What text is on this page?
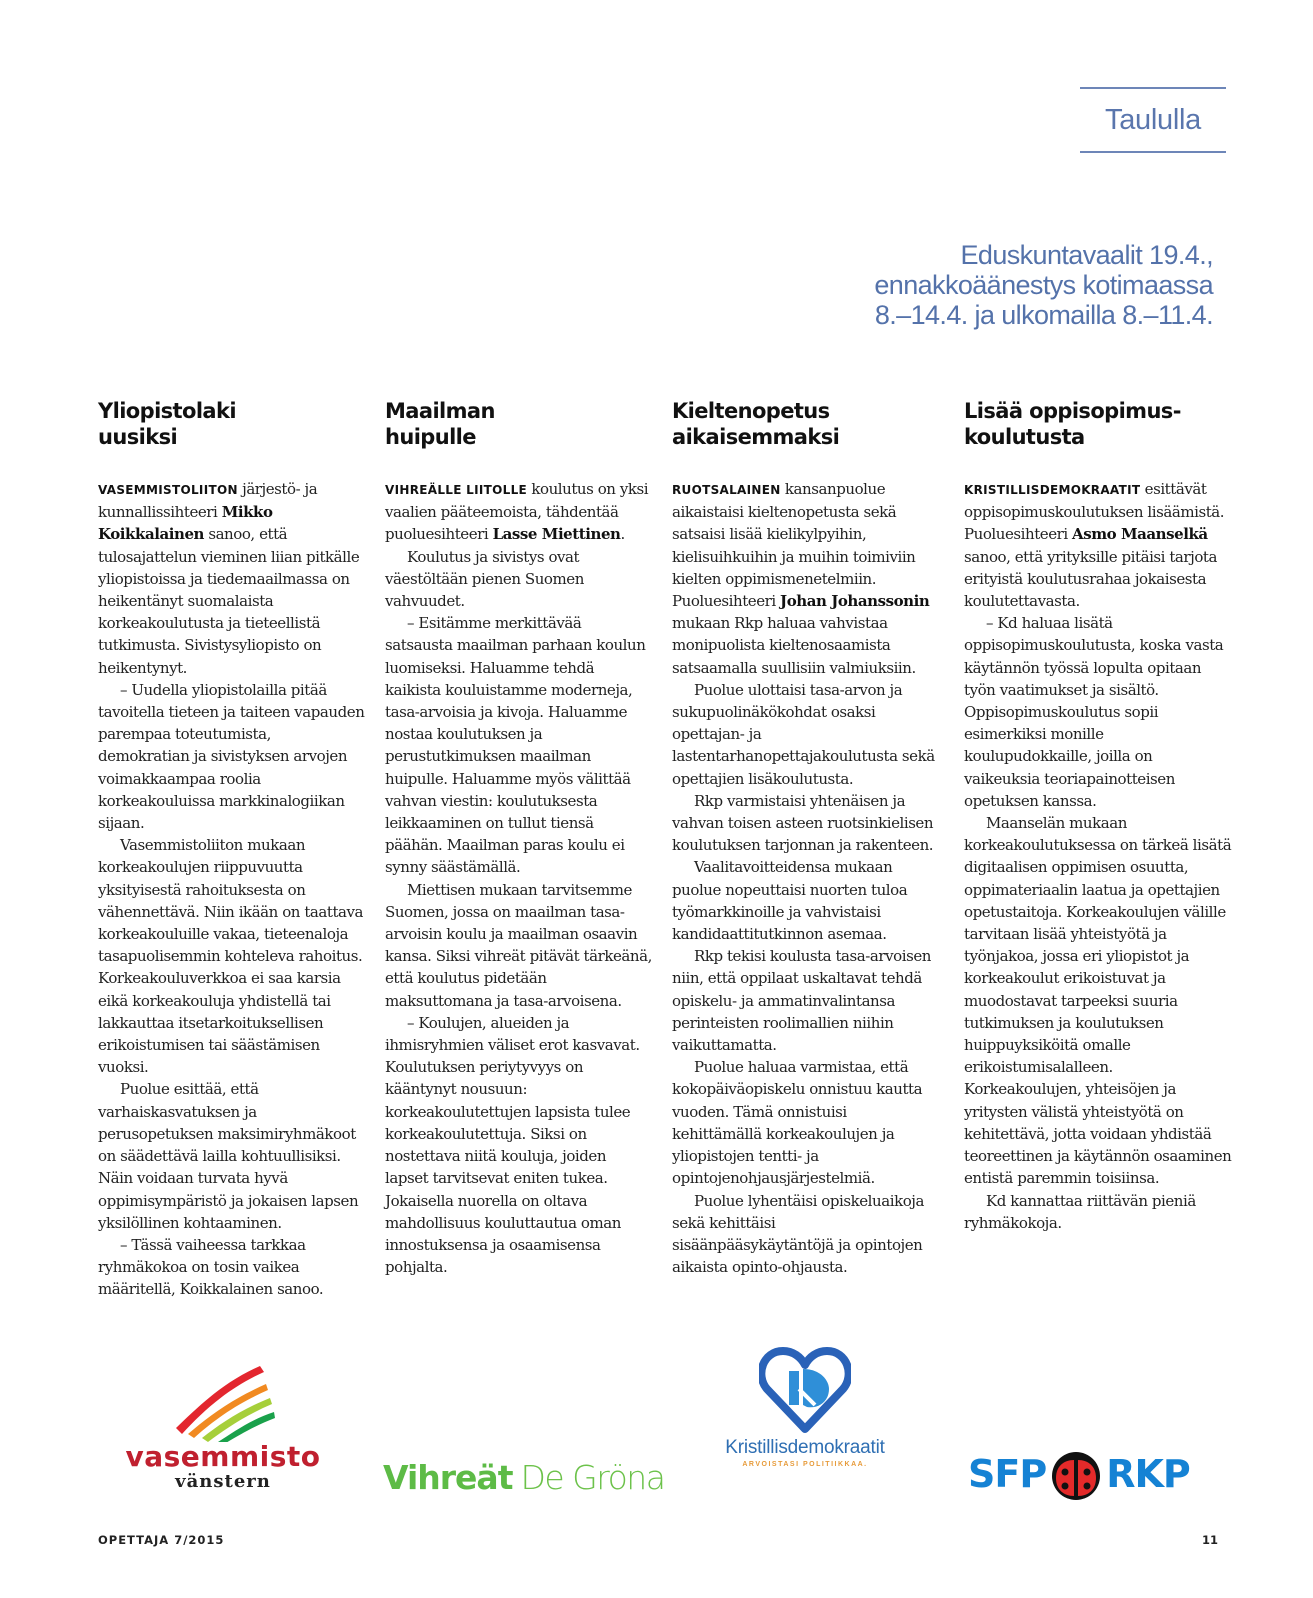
Taululla
Eduskuntavaalit 19.4.,
ennakkoäänestys kotimaassa
8.–14.4. ja ulkomailla 8.–11.4.
Yliopistolaki
uusiksi

VASEMMISTOLIITON järjestö- ja kunnallissihteeri Mikko Koikkalainen sanoo, että tulosajattelun vieminen liian pitkälle yliopistoissa ja tiedemaailmassa on heikentänyt suomalaista korkeakoulutusta ja tieteellistä tutkimusta. Sivistysyliopisto on heikentynyt.

– Uudella yliopistolailla pitää tavoitella tieteen ja taiteen vapauden parempaa toteutumista, demokratian ja sivistyksen arvojen voimakkaampaa roolia korkeakouluissa markkinalogiikan sijaan.

Vasemmistoliiton mukaan korkeakoulujen riippuvuutta yksityisestä rahoituksesta on vähennettävä. Niin ikään on taattava korkeakouluille vakaa, tieteenaloja tasapuolisemmin kohteleva rahoitus. Korkeakouluverkkoa ei saa karsia eikä korkeakouluja yhdistellä tai lakkauttaa itsetarkoituksellisen erikoistumisen tai säästämisen vuoksi.

Puolue esittää, että varhaiskasvatuksen ja perusopetuksen maksimiryhmäkoot on säädettävä lailla kohtuullisiksi. Näin voidaan turvata hyvä oppimisympäristö ja jokaisen lapsen yksilöllinen kohtaaminen.

– Tässä vaiheessa tarkkaa ryhmäkokoa on tosin vaikea määritellä, Koikkalainen sanoo.

Maailman
huipulle

VIHREÄLLE LIITOLLE koulutus on yksi vaalien pääteemoista, tähdentää puoluesihteeri Lasse Miettinen.

Koulutus ja sivistys ovat väestöltään pienen Suomen vahvuudet.

– Esitämme merkittävää satsausta maailman parhaan koulun luomiseksi. Haluamme tehdä kaikista kouluistamme moderneja, tasa-arvoisia ja kivoja. Haluamme nostaa koulutuksen ja perustutkimuksen maailman huipulle. Haluamme myös välittää vahvan viestin: koulutuksesta leikkaaminen on tullut tiensä päähän. Maailman paras koulu ei synny säästämällä.

Miettisen mukaan tarvitsemme Suomen, jossa on maailman tasa-arvoisin koulu ja maailman osaavin kansa. Siksi vihreät pitävät tärkeänä, että koulutus pidetään maksuttomana ja tasa-arvoisena.

– Koulujen, alueiden ja ihmisryhmien väliset erot kasvavat. Koulutuksen periytyvyys on kääntynyt nousuun: korkeakoulutettujen lapsista tulee korkeakoulutettuja. Siksi on nostettava niitä kouluja, joiden lapset tarvitsevat eniten tukea. Jokaisella nuorella on oltava mahdollisuus kouluttautua oman innostuksensa ja osaamisensa pohjalta.

Kieltenopetus
aikaisemmaksi

RUOTSALAINEN kansanpuolue aikaistaisi kieltenopetusta sekä satsaisi lisää kielikylpyihin, kielisuihkuihin ja muihin toimiviin kielten oppimismenetelmiin. Puoluesihteeri Johan Johanssonin mukaan Rkp haluaa vahvistaa monipuolista kieltenosaamista satsaamalla suullisiin valmiuksiin.

Puolue ulottaisi tasa-arvon ja sukupuolinäkökohdat osaksi opettajan- ja lastentarhanopettajakoulutusta sekä opettajien lisäkoulutusta.

Rkp varmistaisi yhtenäisen ja vahvan toisen asteen ruotsinkielisen koulutuksen tarjonnan ja rakenteen.

Vaalitavoitteidensa mukaan puolue nopeuttaisi nuorten tuloa työmarkkinoille ja vahvistaisi kandidaattitutkinnon asemaa.

Rkp tekisi koulusta tasa-arvoisen niin, että oppilaat uskaltavat tehdä opiskelu- ja ammatinvalintansa perinteisten roolimallien niihin vaikuttamatta.

Puolue haluaa varmistaa, että kokopäiväopiskelu onnistuu kautta vuoden. Tämä onnistuisi kehittämällä korkeakoulujen ja yliopistojen tentti- ja opintojenohjausjärjestelmiä.

Puolue lyhentäisi opiskeluaikoja sekä kehittäisi sisäänpääsykäytäntöjä ja opintojen aikaista opinto-ohjausta.

Lisää oppisopimus-
koulutusta

KRISTILLISDEMOKRAATIT esittävät oppisopimuskoulutuksen lisäämistä. Puoluesihteeri Asmo Maanselkä sanoo, että yrityksille pitäisi tarjota erityistä koulutusrahaa jokaisesta koulutettavasta.

– Kd haluaa lisätä oppisopimuskoulutusta, koska vasta käytännön työssä lopulta opitaan työn vaatimukset ja sisältö. Oppisopimuskoulutus sopii esimerkiksi monille koulupudokkaille, joilla on vaikeuksia teoriapainotteisen opetuksen kanssa.

Maanselän mukaan korkeakoulutuksessa on tärkeä lisätä digitaalisen oppimisen osuutta, oppimateriaalin laatua ja opettajien opetustaitoja. Korkeakoulujen välille tarvitaan lisää yhteistyötä ja työnjakoa, jossa eri yliopistot ja korkeakoulut erikoistuvat ja muodostavat tarpeeksi suuria tutkimuksen ja koulutuksen huippuyksiköitä omalle erikoistumisalalleen. Korkeakoulujen, yhteisöjen ja yritysten välistä yhteistyötä on kehitettävä, jotta voidaan yhdistää teoreettinen ja käytännön osaaminen entistä paremmin toisiinsa.

Kd kannattaa riittävän pieniä ryhmäkokoja.

vasemmisto
vänstern	Vihreät De Gröna
Kristillisdemokraatit
ARVOISTASI POLITIIKKAA.	SFP RKP
OPETTAJA 7/2015	11
